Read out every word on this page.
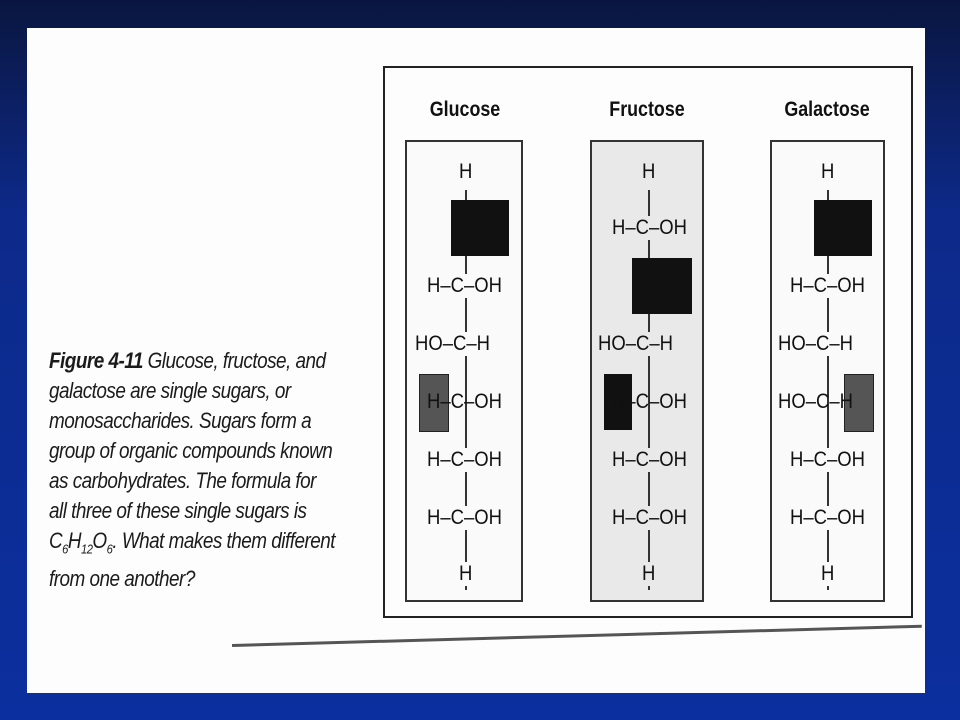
Figure 4-11 Glucose, fructose, and
galactose are single sugars, or
monosaccharides. Sugars form a
group of organic compounds known
as carbohydrates. The formula for
all three of these single sugars is
$C_6H_{12}O_6$. What makes them different
from one another?
Glucose	Fructose	Galactose
H
H–C–OH
HO–C–H
H–C–OH
H–C–OH
H–C–OH
H
H
H–C–OH
HO–C–H
H–C–OH
H–C–OH
H–C–OH
H
H
H–C–OH
HO–C–H
HO–C–H
H–C–OH
H–C–OH
H
